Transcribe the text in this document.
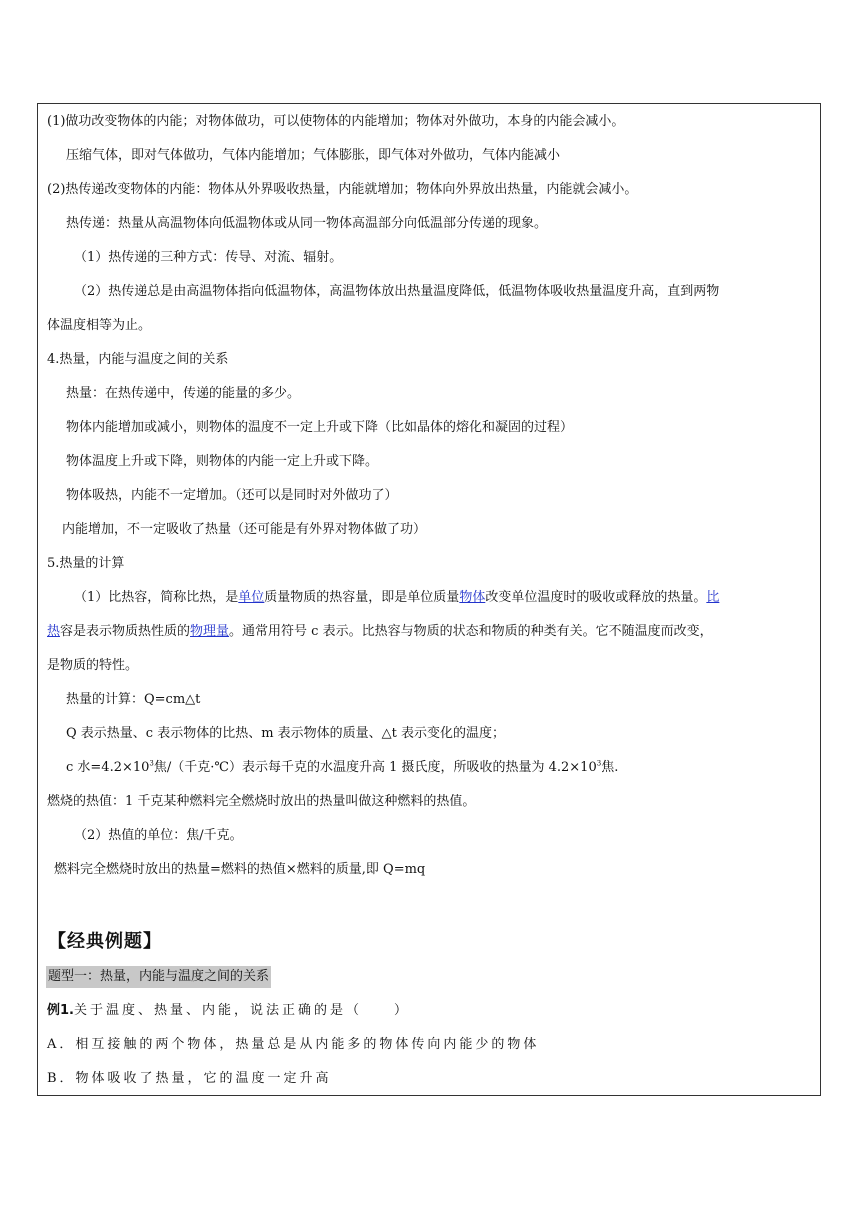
(1)做功改变物体的内能；对物体做功，可以使物体的内能增加；物体对外做功，本身的内能会减小。
压缩气体，即对气体做功，气体内能增加；气体膨胀，即气体对外做功，气体内能减小
(2)热传递改变物体的内能：物体从外界吸收热量，内能就增加；物体向外界放出热量，内能就会减小。
热传递：热量从高温物体向低温物体或从同一物体高温部分向低温部分传递的现象。
（1）热传递的三种方式：传导、对流、辐射。
（2）热传递总是由高温物体指向低温物体，高温物体放出热量温度降低，低温物体吸收热量温度升高，直到两物
体温度相等为止。
4.热量，内能与温度之间的关系
热量：在热传递中，传递的能量的多少。
物体内能增加或减小，则物体的温度不一定上升或下降（比如晶体的熔化和凝固的过程）
物体温度上升或下降，则物体的内能一定上升或下降。
物体吸热，内能不一定增加。（还可以是同时对外做功了）
内能增加，不一定吸收了热量（还可能是有外界对物体做了功）
5.热量的计算
（1）比热容，简称比热，是单位质量物质的热容量，即是单位质量物体改变单位温度时的吸收或释放的热量。比
热容是表示物质热性质的物理量。通常用符号 c 表示。比热容与物质的状态和物质的种类有关。它不随温度而改变，
是物质的特性。
热量的计算：Q=cm△t
Q 表示热量、c 表示物体的比热、m 表示物体的质量、△t 表示变化的温度；
c 水$=4.2\times 10^3$焦/（千克·℃）表示每千克的水温度升高 1 摄氏度，所吸收的热量为 $4.2\times 10^3$焦.
燃烧的热值：1 千克某种燃料完全燃烧时放出的热量叫做这种燃料的热值。
（2）热值的单位：焦/千克。
燃料完全燃烧时放出的热量=燃料的热值×燃料的质量,即 Q=mq
【经典例题】
题型一：热量，内能与温度之间的关系
例1.关于温度、热量、内能，说法正确的是（　　）
A．相互接触的两个物体，热量总是从内能多的物体传向内能少的物体
B．物体吸收了热量，它的温度一定升高
